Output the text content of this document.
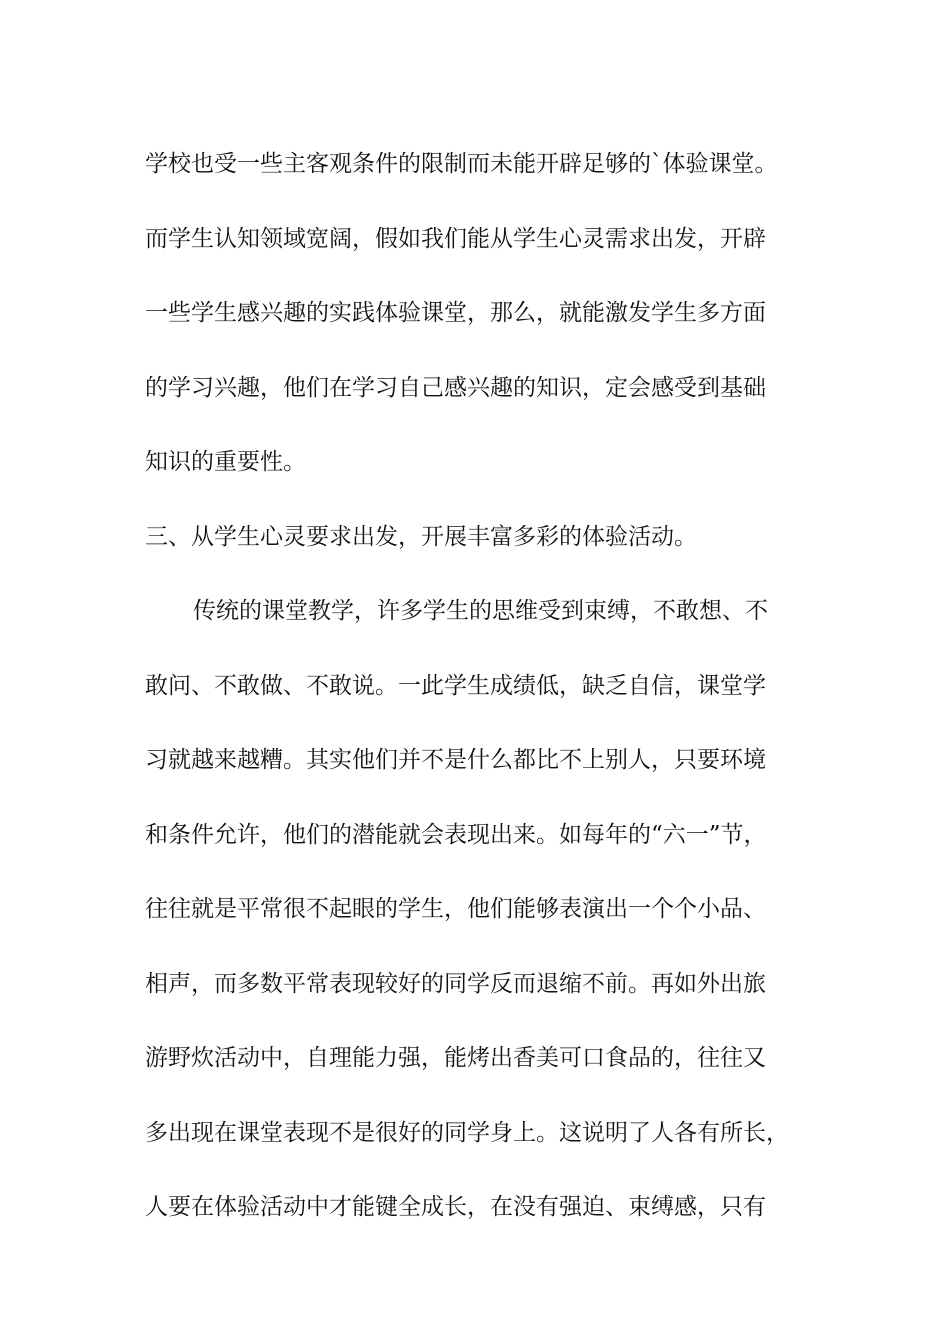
学校也受一些主客观条件的限制而未能开辟足够的`体验课堂。
而学生认知领域宽阔，假如我们能从学生心灵需求出发，开辟
一些学生感兴趣的实践体验课堂，那么，就能激发学生多方面
的学习兴趣，他们在学习自己感兴趣的知识，定会感受到基础
知识的重要性。
三、从学生心灵要求出发，开展丰富多彩的体验活动。
传统的课堂教学，许多学生的思维受到束缚，不敢想、不
敢问、不敢做、不敢说。一此学生成绩低，缺乏自信，课堂学
习就越来越糟。其实他们并不是什么都比不上别人，只要环境
和条件允许，他们的潜能就会表现出来。如每年的“六一”节，
往往就是平常很不起眼的学生，他们能够表演出一个个小品、
相声，而多数平常表现较好的同学反而退缩不前。再如外出旅
游野炊活动中，自理能力强，能烤出香美可口食品的，往往又
多出现在课堂表现不是很好的同学身上。这说明了人各有所长，
人要在体验活动中才能键全成长，在没有强迫、束缚感，只有
